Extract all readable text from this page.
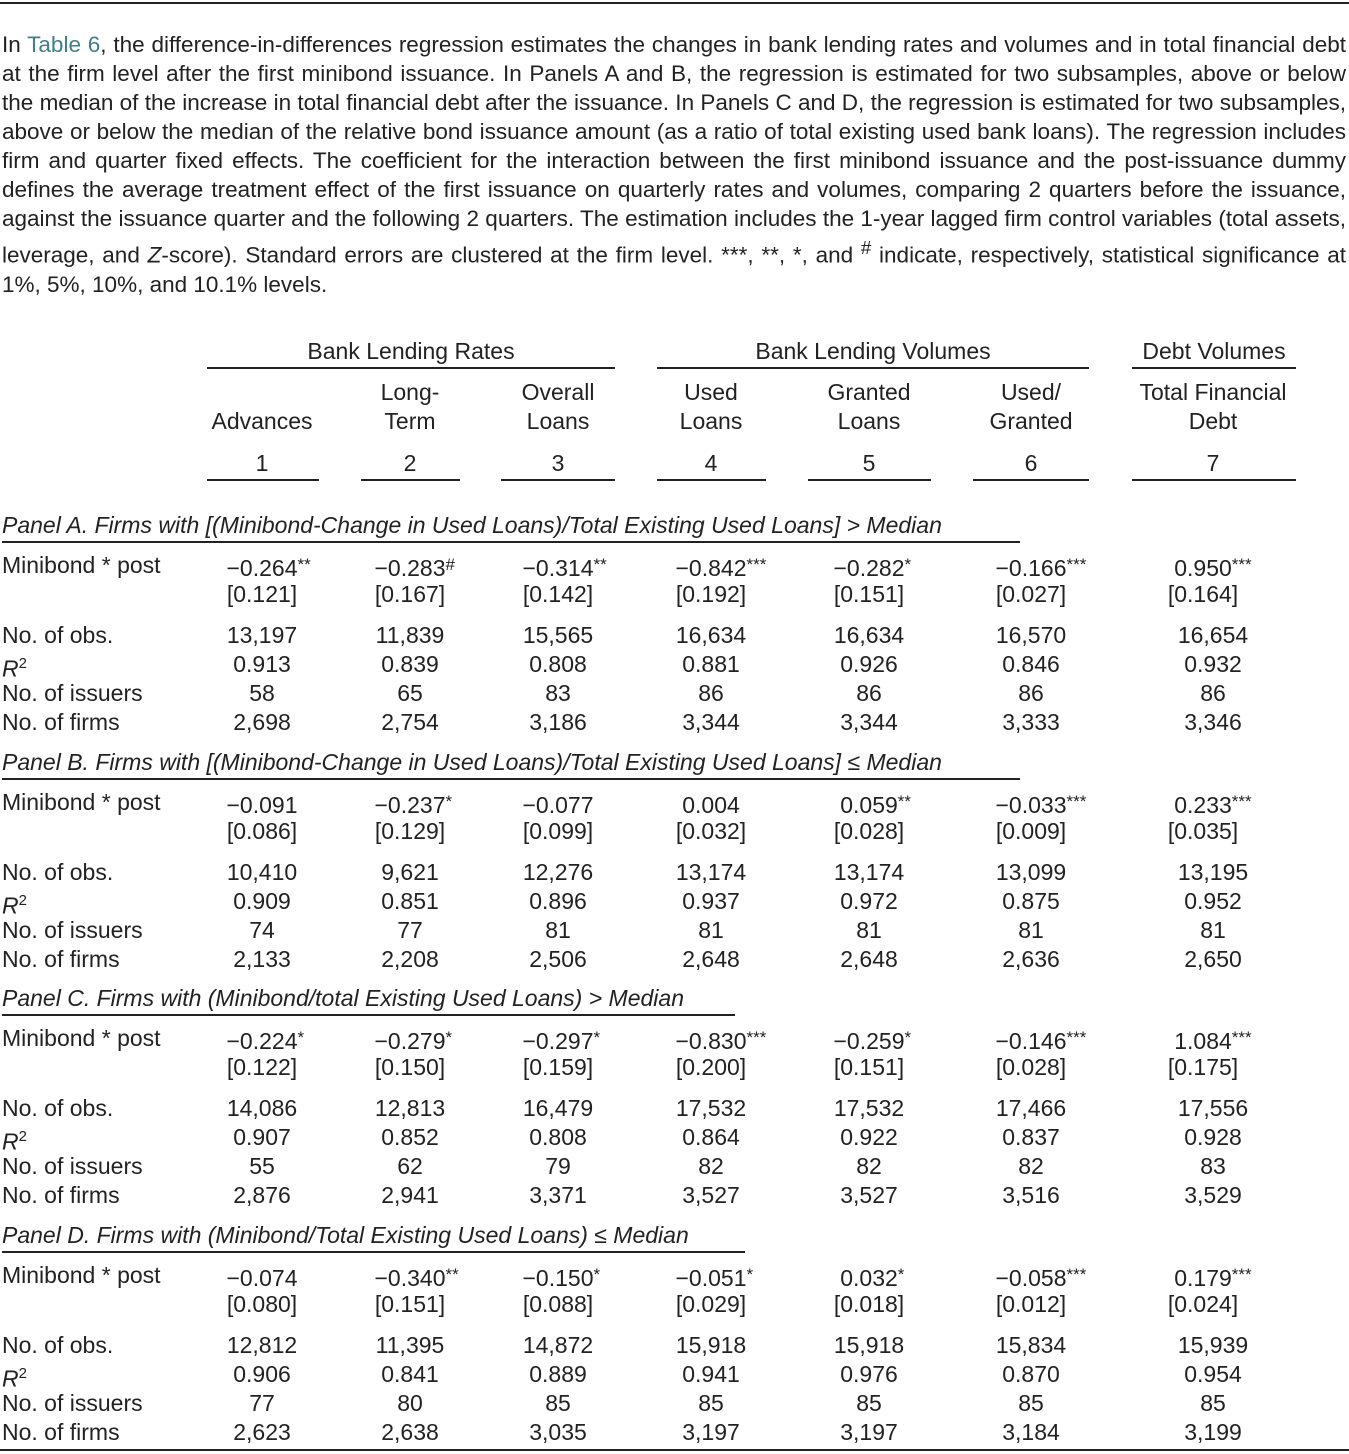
In Table 6, the difference-in-differences regression estimates the changes in bank lending rates and volumes and in total financial debt at the firm level after the first minibond issuance. In Panels A and B, the regression is estimated for two subsamples, above or below the median of the increase in total financial debt after the issuance. In Panels C and D, the regression is estimated for two subsamples, above or below the median of the relative bond issuance amount (as a ratio of total existing used bank loans). The regression includes firm and quarter fixed effects. The coefficient for the interaction between the first minibond issuance and the post-issuance dummy defines the average treatment effect of the first issuance on quarterly rates and volumes, comparing 2 quarters before the issuance, against the issuance quarter and the following 2 quarters. The estimation includes the 1-year lagged firm control variables (total assets, leverage, and Z-score). Standard errors are clustered at the firm level. ***, **, *, and # indicate, respectively, statistical significance at 1%, 5%, 10%, and 10.1% levels.
Bank Lending Rates	Bank Lending Volumes	Debt Volumes

Advances
1
Long-
Term
2
Overall
Loans
3
Used
Loans
4
Granted
Loans
5
Used/
Granted
6
Total Financial
Debt
7
Panel A. Firms with [(Minibond-Change in Used Loans)/Total Existing Used Loans] > Median
Minibond * post
No. of obs.
$R^2$
No. of issuers
No. of firms
−0.264**
[0.121]
13,197
0.913
58
2,698
−0.283#
[0.167]
11,839
0.839
65
2,754
−0.314**
[0.142]
15,565
0.808
83
3,186
−0.842***
[0.192]
16,634
0.881
86
3,344
−0.282*
[0.151]
16,634
0.926
86
3,344
−0.166***
[0.027]
16,570
0.846
86
3,333
0.950***
[0.164]
16,654
0.932
86
3,346
Panel B. Firms with [(Minibond-Change in Used Loans)/Total Existing Used Loans] ≤ Median
Minibond * post
No. of obs.
$R^2$
No. of issuers
No. of firms
−0.091
[0.086]
10,410
0.909
74
2,133
−0.237*
[0.129]
9,621
0.851
77
2,208
−0.077
[0.099]
12,276
0.896
81
2,506
0.004
[0.032]
13,174
0.937
81
2,648
0.059**
[0.028]
13,174
0.972
81
2,648
−0.033***
[0.009]
13,099
0.875
81
2,636
0.233***
[0.035]
13,195
0.952
81
2,650
Panel C. Firms with (Minibond/total Existing Used Loans) > Median
Minibond * post
No. of obs.
$R^2$
No. of issuers
No. of firms
−0.224*
[0.122]
14,086
0.907
55
2,876
−0.279*
[0.150]
12,813
0.852
62
2,941
−0.297*
[0.159]
16,479
0.808
79
3,371
−0.830***
[0.200]
17,532
0.864
82
3,527
−0.259*
[0.151]
17,532
0.922
82
3,527
−0.146***
[0.028]
17,466
0.837
82
3,516
1.084***
[0.175]
17,556
0.928
83
3,529
Panel D. Firms with (Minibond/Total Existing Used Loans) ≤ Median
Minibond * post
No. of obs.
$R^2$
No. of issuers
No. of firms
−0.074
[0.080]
12,812
0.906
77
2,623
−0.340**
[0.151]
11,395
0.841
80
2,638
−0.150*
[0.088]
14,872
0.889
85
3,035
−0.051*
[0.029]
15,918
0.941
85
3,197
0.032*
[0.018]
15,918
0.976
85
3,197
−0.058***
[0.012]
15,834
0.870
85
3,184
0.179***
[0.024]
15,939
0.954
85
3,199
